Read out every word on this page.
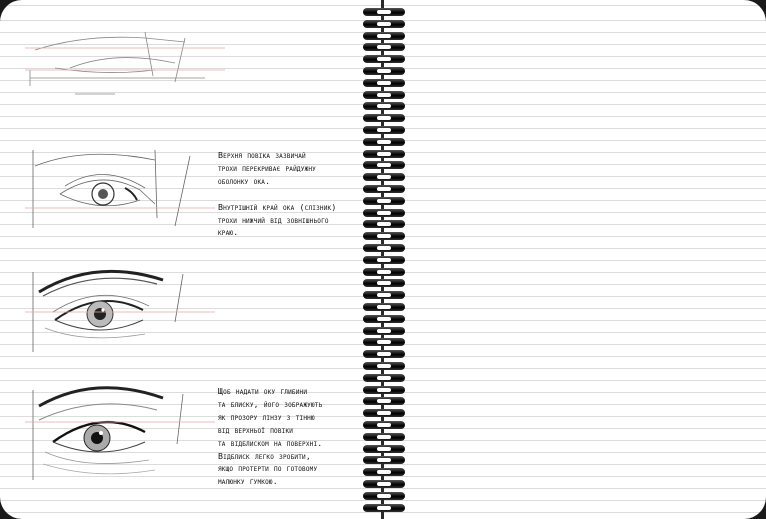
Верхня повіка зазвичай

трохи перекриває райдужну

оболонку ока.

Внутрішній край ока (слізник)

трохи нижчий від зовнішнього

краю.

Щоб надати оку глибини

та блиску, його зображують

як прозору лінзу з тінню

від верхньої повіки

та відблиском на поверхні.

Відблиск легко зробити,

якщо протерти по готовому

малюнку гумкою.
